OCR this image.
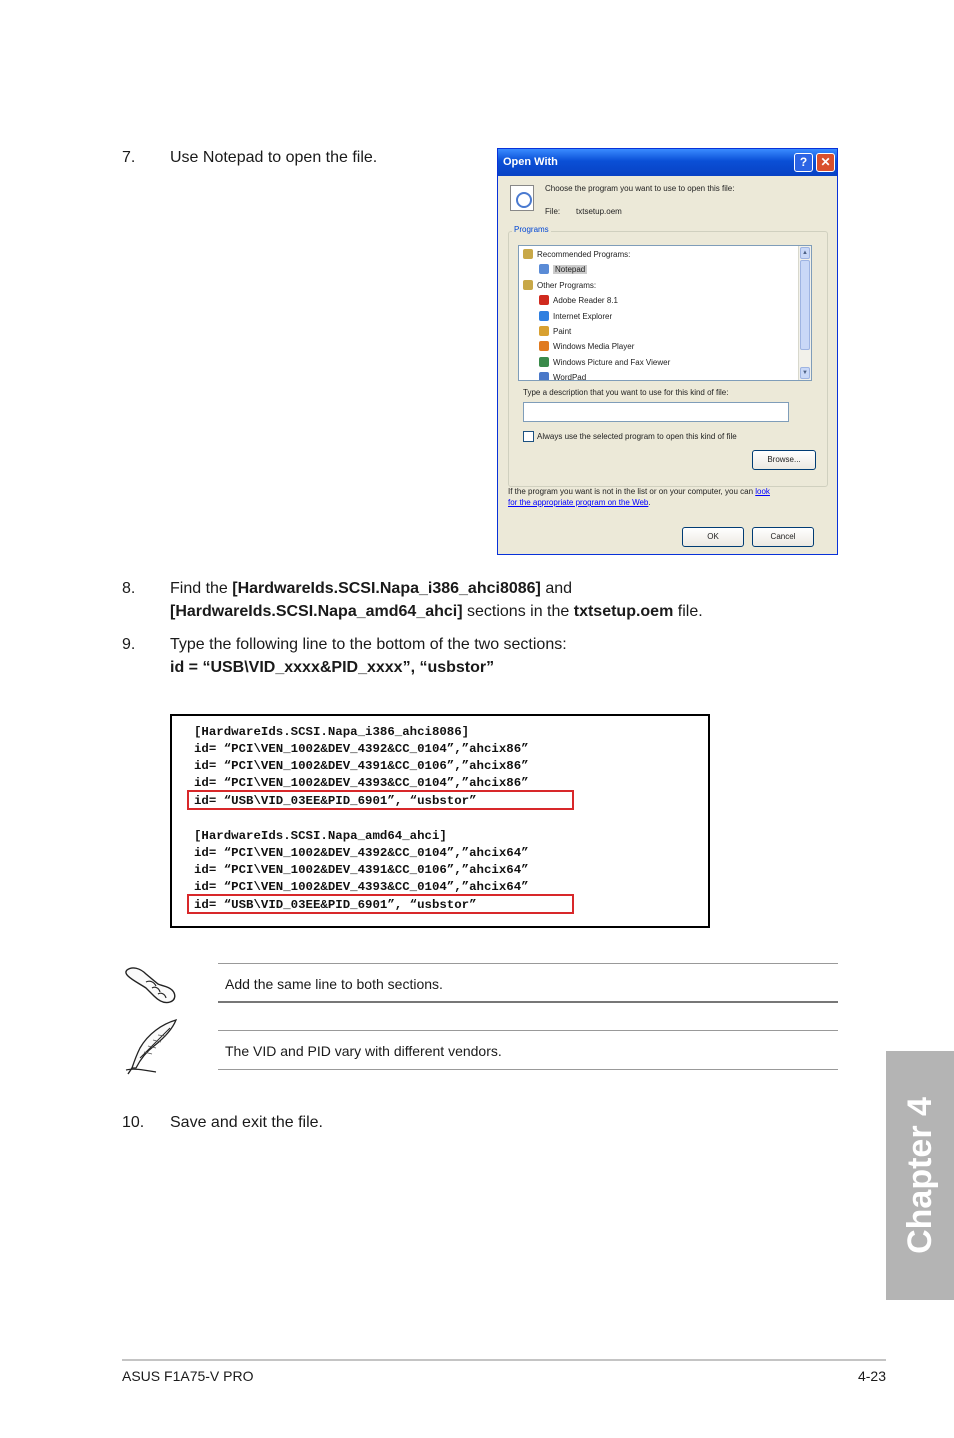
7.	Use Notepad to open the file.	Open With	?	✕
Choose the program you want to use to open this file:
File: txtsetup.oem
Programs
Recommended Programs:
Notepad
Other Programs:
Adobe Reader 8.1
Internet Explorer
Paint
Windows Media Player
Windows Picture and Fax Viewer
WordPad
▲
▼
Type a description that you want to use for this kind of file:
Always use the selected program to open this kind of file
Browse...
If the program you want is not in the list or on your computer, you can look
for the appropriate program on the Web.
OK	Cancel
8.	Find the [HardwareIds.SCSI.Napa_i386_ahci8086] and
[HardwareIds.SCSI.Napa_amd64_ahci] sections in the txtsetup.oem file.
9.	Type the following line to the bottom of the two sections:
id = “USB\VID_xxxx&PID_xxxx”, “usbstor”
[HardwareIds.SCSI.Napa_i386_ahci8086]
id= “PCI\VEN_1002&DEV_4392&CC_0104”,”ahcix86”
id= “PCI\VEN_1002&DEV_4391&CC_0106”,”ahcix86”
id= “PCI\VEN_1002&DEV_4393&CC_0104”,”ahcix86”
id= “USB\VID_03EE&PID_6901”, “usbstor”
[HardwareIds.SCSI.Napa_amd64_ahci]
id= “PCI\VEN_1002&DEV_4392&CC_0104”,”ahcix64”
id= “PCI\VEN_1002&DEV_4391&CC_0106”,”ahcix64”
id= “PCI\VEN_1002&DEV_4393&CC_0104”,”ahcix64”
id= “USB\VID_03EE&PID_6901”, “usbstor”
Add the same line to both sections.
The VID and PID vary with different vendors.
10.	Save and exit the file.	Chapter 4
ASUS F1A75-V PRO	4-23
